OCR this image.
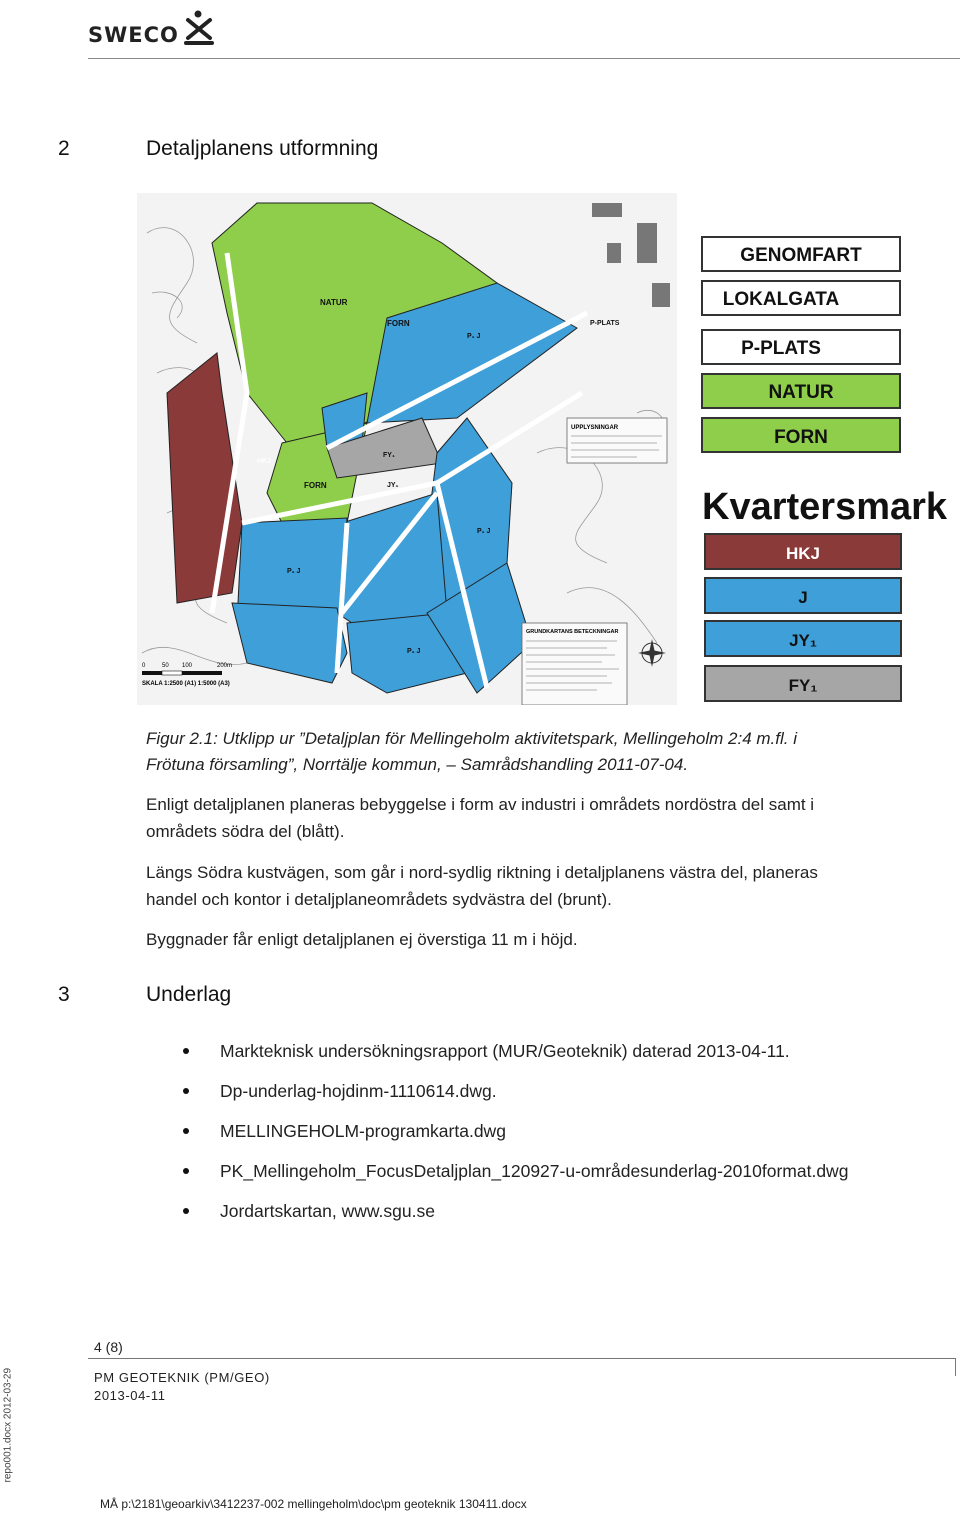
SWECO
2	Detaljplanens utformning
NATUR
FORN
FORN
P-PLATS
FY₁
JY₁
HKJ
P₁ J
P₁ J
P₁ J
P₁ J
UPPLYSNINGAR
GRUNDKARTANS BETECKNINGAR
0	50 100	200m
SKALA 1:2500 (A1) 1:5000 (A3)
GENOMFART
LOKALGATA
P-PLATS
NATUR
FORN
Kvartersmark
HKJ
J
JY₁
FY₁
Figur 2.1: Utklipp ur ”Detaljplan för Mellingeholm aktivitetspark, Mellingeholm 2:4 m.fl. i
Frötuna församling”, Norrtälje kommun, – Samrådshandling 2011-07-04.
Enligt detaljplanen planeras bebyggelse i form av industri i områdets nordöstra del samt i
områdets södra del (blått).
Längs Södra kustvägen, som går i nord-sydlig riktning i detaljplanens västra del, planeras
handel och kontor i detaljplaneområdets sydvästra del (brunt).
Byggnader får enligt detaljplanen ej överstiga 11 m i höjd.
3	Underlag
Markteknisk undersökningsrapport (MUR/Geoteknik) daterad 2013-04-11.
Dp-underlag-hojdinm-1110614.dwg.
MELLINGEHOLM-programkarta.dwg
PK_Mellingeholm_FocusDetaljplan_120927-u-områdesunderlag-2010format.dwg
Jordartskartan, www.sgu.se
4 (8)
PM GEOTEKNIK (PM/GEO)
2013-04-11
repo001.docx 2012-03-29
MÅ p:\2181\geoarkiv\3412237-002 mellingeholm\doc\pm geoteknik 130411.docx
